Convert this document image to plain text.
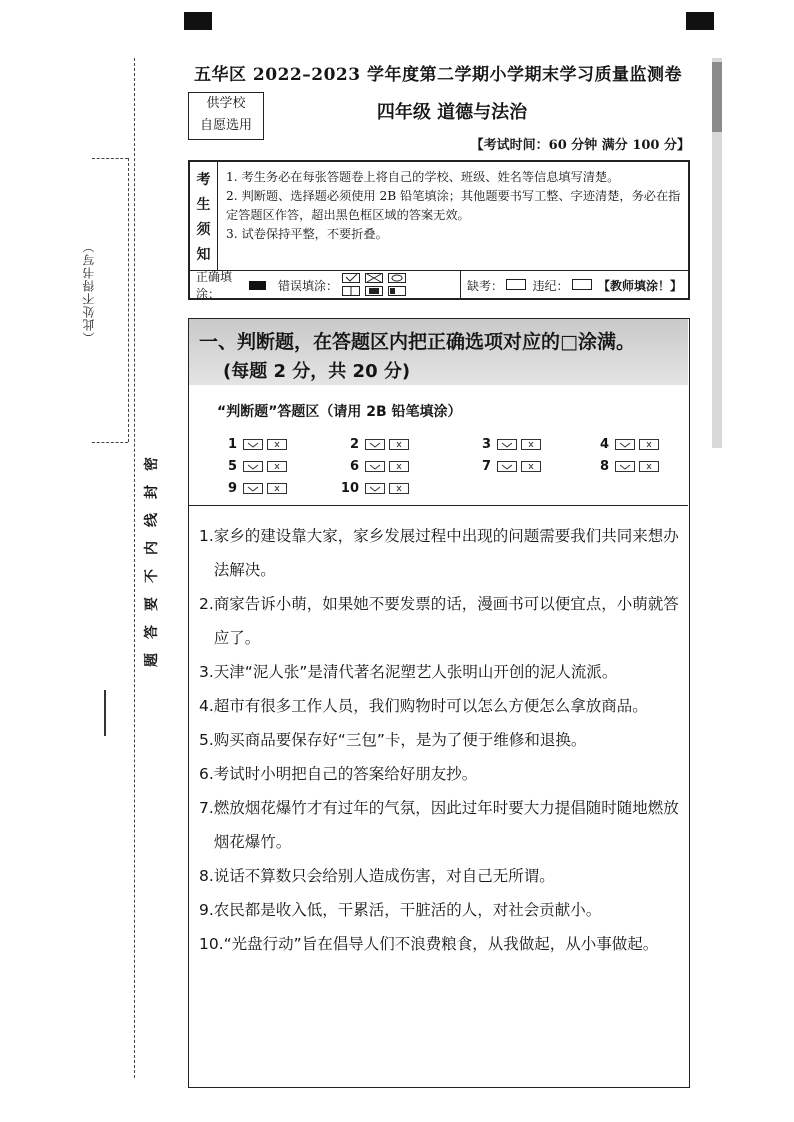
（此处不得书写）
密
封
线
内
不
要
答
题
五华区 2022–2023 学年度第二学期小学期末学习质量监测卷
供学校
自愿选用
四年级 道德与法治
【考试时间：60 分钟 满分 100 分】
考
生
须
知
1. 考生务必在每张答题卷上将自己的学校、班级、姓名等信息填写清楚。
2. 判断题、选择题必须使用 2B 铅笔填涂；其他题要书写工整、字迹清楚，务必在指定答题区作答，超出黑色框区域的答案无效。
3. 试卷保持平整，不要折叠。
正确填涂：
错误填涂：	缺考：	违纪：	【教师填涂！】
一、判断题，在答题区内把正确选项对应的□涂满。
(每题 2 分，共 20 分)
“判断题”答题区（请用 2B 铅笔填涂）
1	2	3	4
5	6	7	8
9	10
1. 家乡的建设靠大家，家乡发展过程中出现的问题需要我们共同来想办法解决。
2. 商家告诉小萌，如果她不要发票的话，漫画书可以便宜点，小萌就答应了。
3. 天津“泥人张”是清代著名泥塑艺人张明山开创的泥人流派。
4. 超市有很多工作人员，我们购物时可以怎么方便怎么拿放商品。
5. 购买商品要保存好“三包”卡，是为了便于维修和退换。
6. 考试时小明把自己的答案给好朋友抄。
7. 燃放烟花爆竹才有过年的气氛，因此过年时要大力提倡随时随地燃放烟花爆竹。
8. 说话不算数只会给别人造成伤害，对自己无所谓。
9. 农民都是收入低，干累活，干脏活的人，对社会贡献小。
10. “光盘行动”旨在倡导人们不浪费粮食，从我做起，从小事做起。
